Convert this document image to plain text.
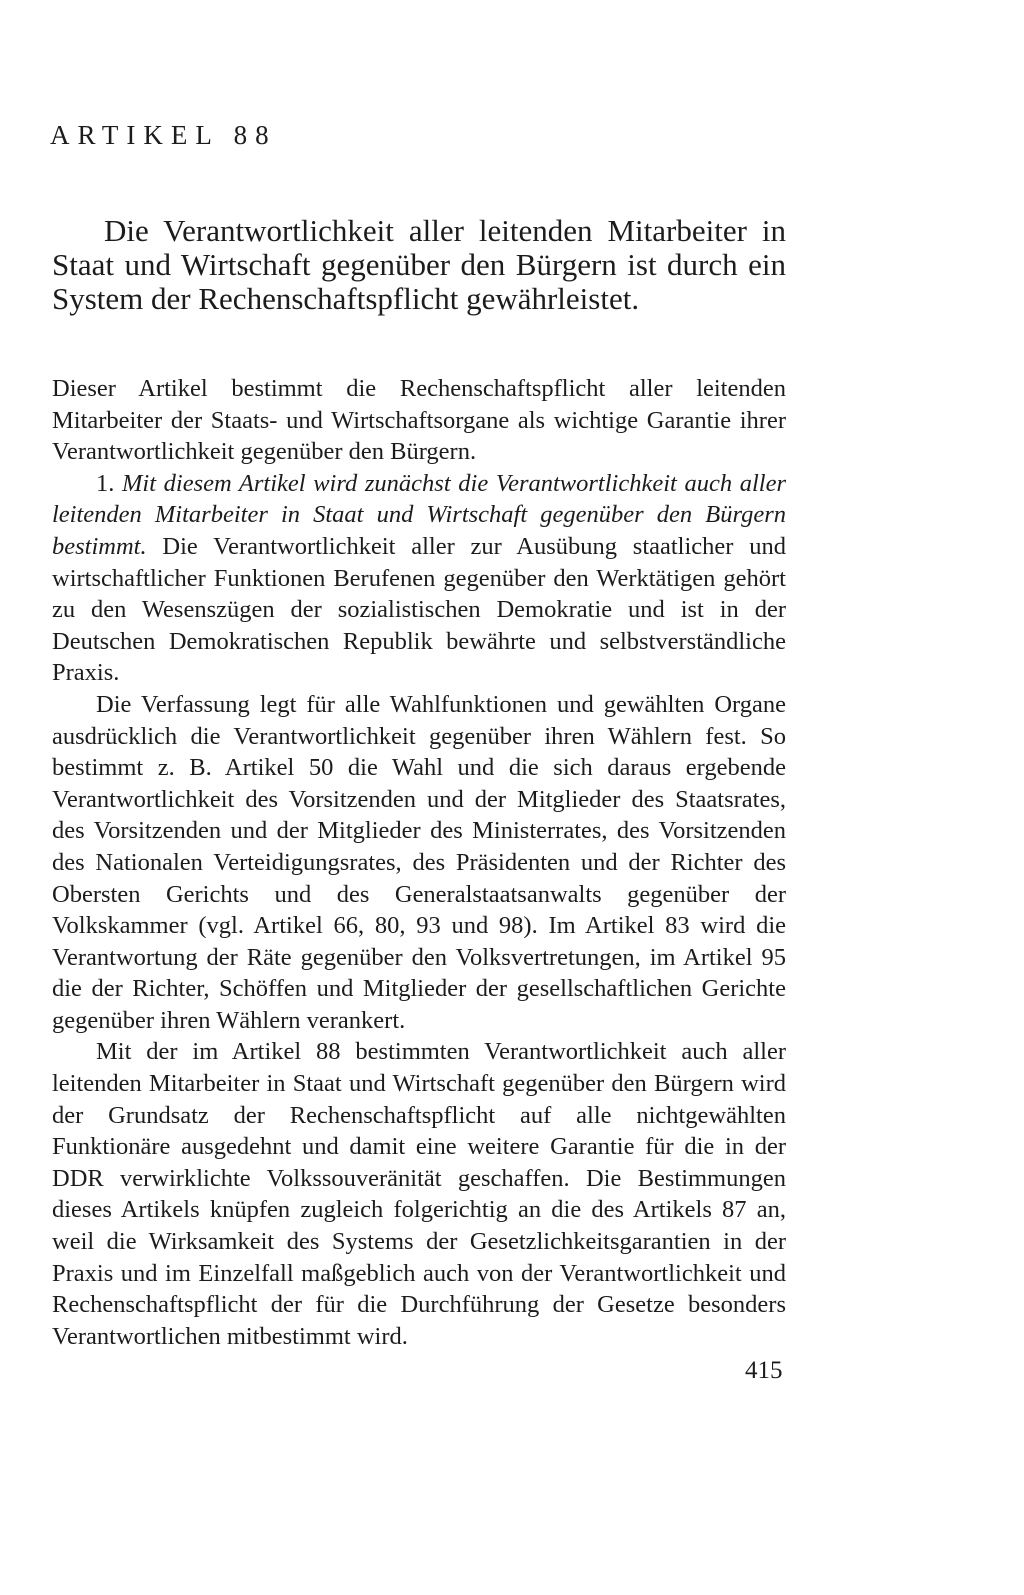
ARTIKEL 88

Die Verantwortlichkeit aller leitenden Mitarbeiter in Staat und Wirtschaft gegenüber den Bürgern ist durch ein System der Rechenschaftspflicht gewährleistet.

Dieser Artikel bestimmt die Rechenschaftspflicht aller leitenden Mitarbeiter der Staats- und Wirtschaftsorgane als wichtige Garantie ihrer Verantwortlichkeit gegenüber den Bürgern.

1. Mit diesem Artikel wird zunächst die Verantwortlichkeit auch aller leitenden Mitarbeiter in Staat und Wirtschaft gegenüber den Bürgern bestimmt. Die Verantwortlichkeit aller zur Ausübung staatlicher und wirtschaftlicher Funktionen Berufenen gegenüber den Werktätigen gehört zu den Wesenszügen der sozialistischen Demokratie und ist in der Deutschen Demokratischen Republik bewährte und selbstverständliche Praxis.

Die Verfassung legt für alle Wahlfunktionen und gewählten Organe ausdrücklich die Verantwortlichkeit gegenüber ihren Wählern fest. So bestimmt z. B. Artikel 50 die Wahl und die sich daraus ergebende Verantwortlichkeit des Vorsitzenden und der Mitglieder des Staatsrates, des Vorsitzenden und der Mitglieder des Ministerrates, des Vorsitzenden des Nationalen Verteidigungsrates, des Präsidenten und der Richter des Obersten Gerichts und des Generalstaatsanwalts gegenüber der Volkskammer (vgl. Artikel 66, 80, 93 und 98). Im Artikel 83 wird die Verantwortung der Räte gegenüber den Volksvertretungen, im Artikel 95 die der Richter, Schöffen und Mitglieder der gesellschaftlichen Gerichte gegenüber ihren Wählern verankert.

Mit der im Artikel 88 bestimmten Verantwortlichkeit auch aller leitenden Mitarbeiter in Staat und Wirtschaft gegenüber den Bürgern wird der Grundsatz der Rechenschaftspflicht auf alle nichtgewählten Funktionäre ausgedehnt und damit eine weitere Garantie für die in der DDR verwirklichte Volkssouveränität geschaffen. Die Bestimmungen dieses Artikels knüpfen zugleich folgerichtig an die des Artikels 87 an, weil die Wirksamkeit des Systems der Gesetzlichkeitsgarantien in der Praxis und im Einzelfall maßgeblich auch von der Verantwortlichkeit und Rechenschaftspflicht der für die Durchführung der Gesetze besonders Verantwortlichen mitbestimmt wird.

415
